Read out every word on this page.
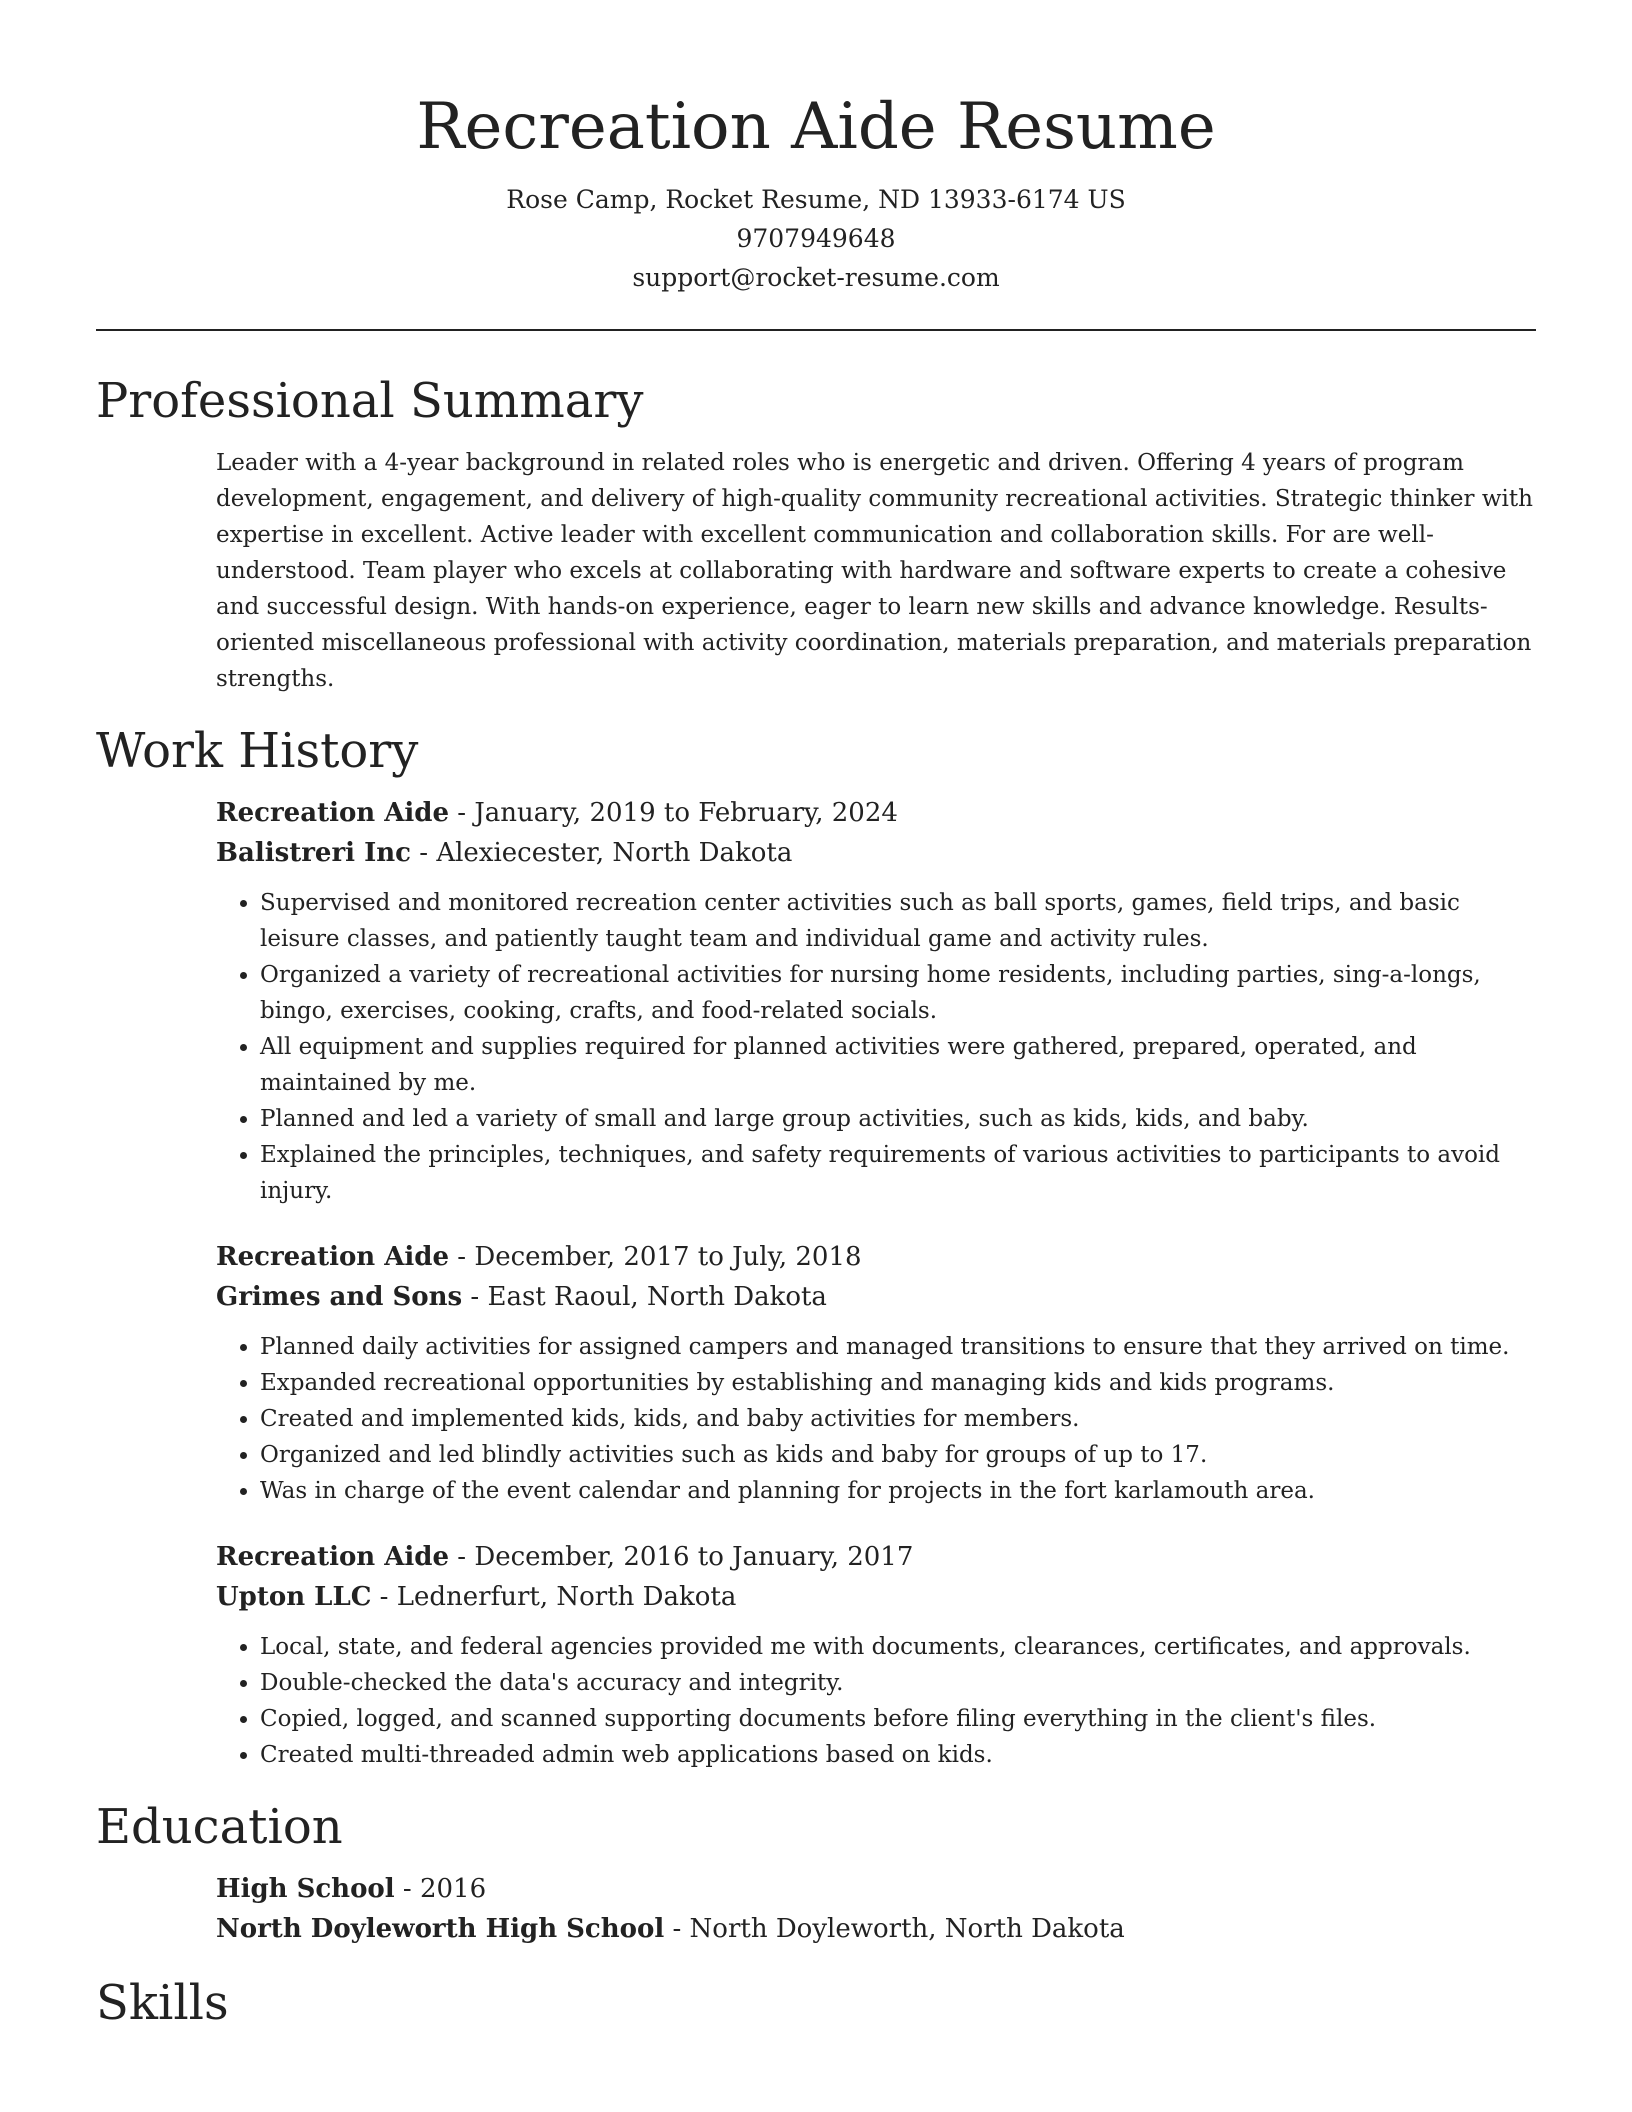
Recreation Aide Resume
Rose Camp, Rocket Resume, ND 13933-6174 US
9707949648
support@rocket-resume.com
Professional Summary

Leader with a 4-year background in related roles who is energetic and driven. Offering 4 years of program development, engagement, and delivery of high-quality community recreational activities. Strategic thinker with expertise in excellent. Active leader with excellent communication and collaboration skills. For are well-understood. Team player who excels at collaborating with hardware and software experts to create a cohesive and successful design. With hands-on experience, eager to learn new skills and advance knowledge. Results-oriented miscellaneous professional with activity coordination, materials preparation, and materials preparation strengths.

Work History
Recreation Aide - January, 2019 to February, 2024
Balistreri Inc - Alexiecester, North Dakota
• Supervised and monitored recreation center activities such as ball sports, games, field trips, and basic leisure classes, and patiently taught team and individual game and activity rules.
• Organized a variety of recreational activities for nursing home residents, including parties, sing-a-longs, bingo, exercises, cooking, crafts, and food-related socials.
• All equipment and supplies required for planned activities were gathered, prepared, operated, and maintained by me.
• Planned and led a variety of small and large group activities, such as kids, kids, and baby.
• Explained the principles, techniques, and safety requirements of various activities to participants to avoid injury.
Recreation Aide - December, 2017 to July, 2018
Grimes and Sons - East Raoul, North Dakota
• Planned daily activities for assigned campers and managed transitions to ensure that they arrived on time.
• Expanded recreational opportunities by establishing and managing kids and kids programs.
• Created and implemented kids, kids, and baby activities for members.
• Organized and led blindly activities such as kids and baby for groups of up to 17.
• Was in charge of the event calendar and planning for projects in the fort karlamouth area.
Recreation Aide - December, 2016 to January, 2017
Upton LLC - Lednerfurt, North Dakota
• Local, state, and federal agencies provided me with documents, clearances, certificates, and approvals.
• Double-checked the data's accuracy and integrity.
• Copied, logged, and scanned supporting documents before filing everything in the client's files.
• Created multi-threaded admin web applications based on kids.
Education
High School - 2016
North Doyleworth High School - North Doyleworth, North Dakota
Skills
